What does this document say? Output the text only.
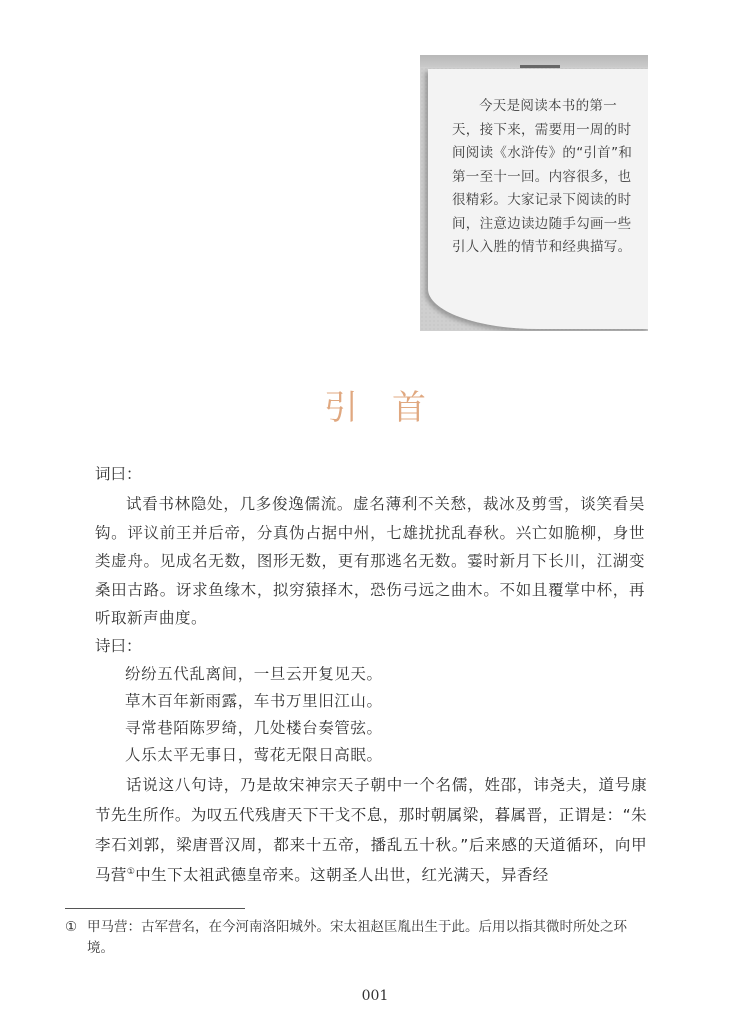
今天是阅读本书的第一天，接下来，需要用一周的时间阅读《水浒传》的“引首”和第一至十一回。内容很多，也很精彩。大家记录下阅读的时间，注意边读边随手勾画一些引人入胜的情节和经典描写。
引首
词曰：
试看书林隐处，几多俊逸儒流。虚名薄利不关愁，裁冰及剪雪，谈笑看吴钩。评议前王并后帝，分真伪占据中州，七雄扰扰乱春秋。兴亡如脆柳，身世类虚舟。见成名无数，图形无数，更有那逃名无数。霎时新月下长川，江湖变桑田古路。讶求鱼缘木，拟穷猿择木，恐伤弓远之曲木。不如且覆掌中杯，再听取新声曲度。
诗曰：
纷纷五代乱离间，一旦云开复见天。
草木百年新雨露，车书万里旧江山。
寻常巷陌陈罗绮，几处楼台奏管弦。
人乐太平无事日，莺花无限日高眠。
话说这八句诗，乃是故宋神宗天子朝中一个名儒，姓邵，讳尧夫，道号康节先生所作。为叹五代残唐天下干戈不息，那时朝属梁，暮属晋，正谓是：“朱李石刘郭，梁唐晋汉周，都来十五帝，播乱五十秋。”后来感的天道循环，向甲马营①中生下太祖武德皇帝来。这朝圣人出世，红光满天，异香经
① 甲马营：古军营名，在今河南洛阳城外。宋太祖赵匡胤出生于此。后用以指其微时所处之环境。
001
